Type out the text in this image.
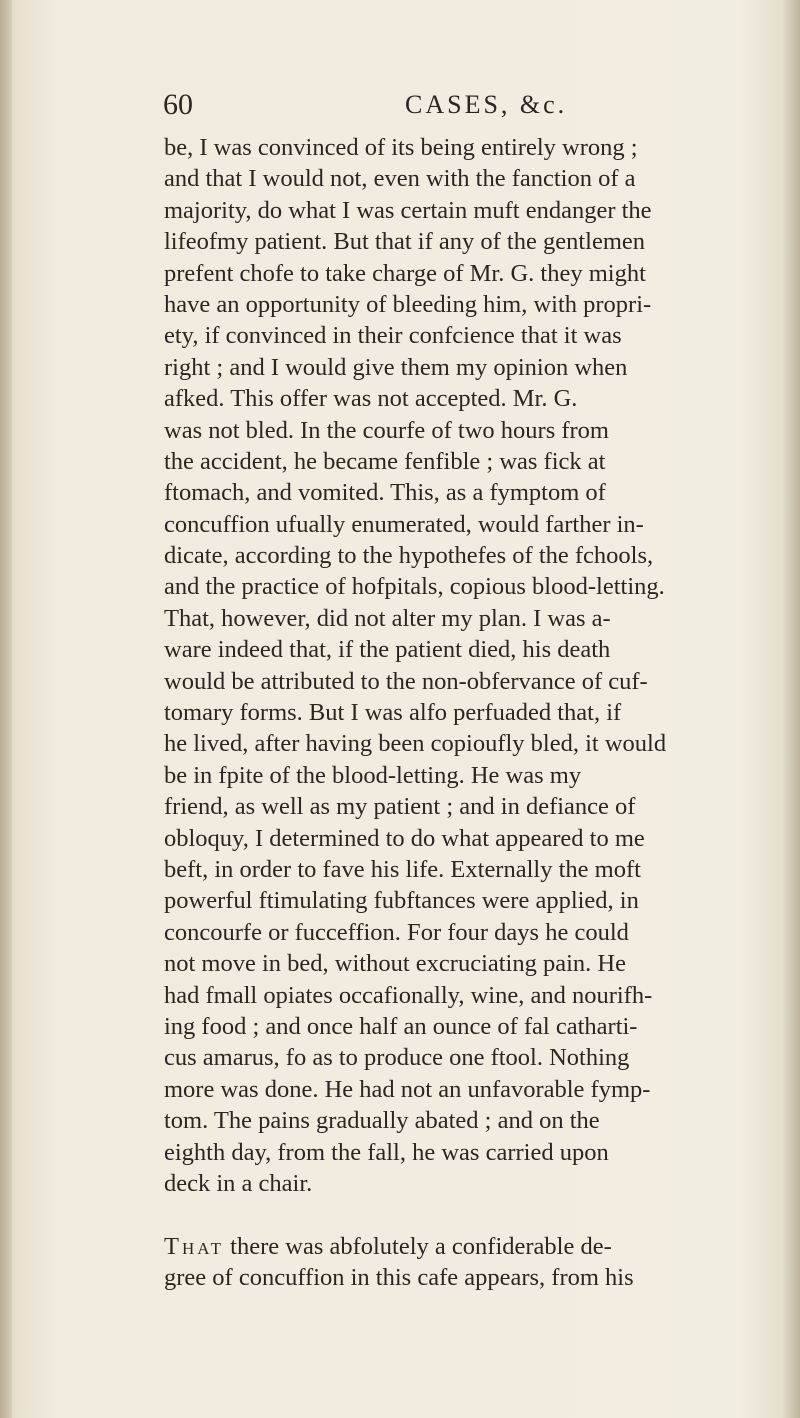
60	CASES, &c.
be, I was convinced of its being entirely wrong ;
and that I would not, even with the fanction of a
majority, do what I was certain muft endanger the
lifeofmy patient. But that if any of the gentlemen
prefent chofe to take charge of Mr. G. they might
have an opportunity of bleeding him, with propri-
ety, if convinced in their confcience that it was
right ; and I would give them my opinion when
afked. This offer was not accepted. Mr. G.
was not bled. In the courfe of two hours from
the accident, he became fenfible ; was fick at
ftomach, and vomited. This, as a fymptom of
concuffion ufually enumerated, would farther in-
dicate, according to the hypothefes of the fchools,
and the practice of hofpitals, copious blood-letting.
That, however, did not alter my plan. I was a-
ware indeed that, if the patient died, his death
would be attributed to the non-obfervance of cuf-
tomary forms. But I was alfo perfuaded that, if
he lived, after having been copioufly bled, it would
be in fpite of the blood-letting. He was my
friend, as well as my patient ; and in defiance of
obloquy, I determined to do what appeared to me
beft, in order to fave his life. Externally the moft
powerful ftimulating fubftances were applied, in
concourfe or fucceffion. For four days he could
not move in bed, without excruciating pain. He
had fmall opiates occafionally, wine, and nourifh-
ing food ; and once half an ounce of fal catharti-
cus amarus, fo as to produce one ftool. Nothing
more was done. He had not an unfavorable fymp-
tom. The pains gradually abated ; and on the
eighth day, from the fall, he was carried upon
deck in a chair.
That there was abfolutely a confiderable de-
gree of concuffion in this cafe appears, from his
